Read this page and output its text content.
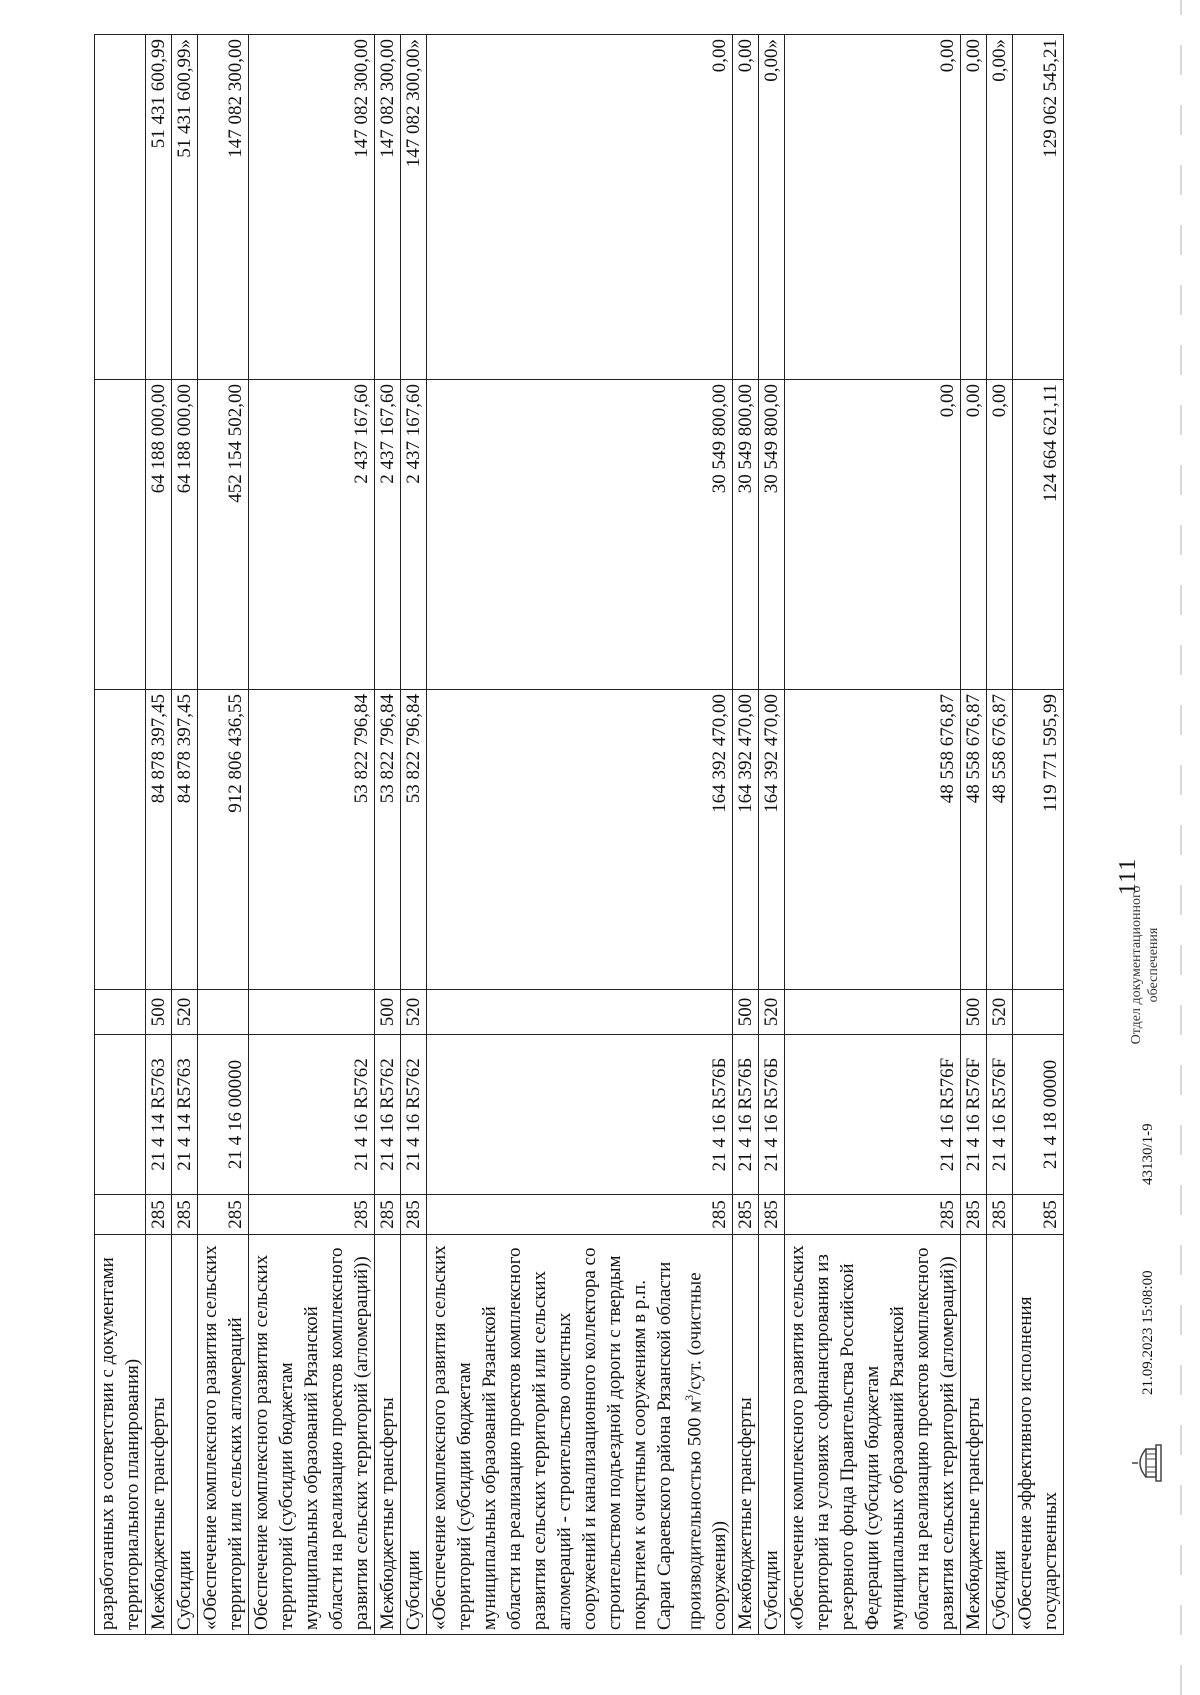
111
разработанных в соответствии с документами территориального планирования)						
Межбюджетные трансферты	285	21 4 14 R5763	500	84 878 397,45	64 188 000,00	51 431 600,99
Субсидии	285	21 4 14 R5763	520	84 878 397,45	64 188 000,00	51 431 600,99»
«Обеспечение комплексного развития сельских территорий или сельских агломераций	285	21 4 16 00000		912 806 436,55	452 154 502,00	147 082 300,00
Обеспечение комплексного развития сельских территорий (субсидии бюджетам муниципальных образований Рязанской области на реализацию проектов комплексного развития сельских территорий (агломераций))	285	21 4 16 R5762		53 822 796,84	2 437 167,60	147 082 300,00
Межбюджетные трансферты	285	21 4 16 R5762	500	53 822 796,84	2 437 167,60	147 082 300,00
Субсидии	285	21 4 16 R5762	520	53 822 796,84	2 437 167,60	147 082 300,00»
«Обеспечение комплексного развития сельских территорий (субсидии бюджетам муниципальных образований Рязанской области на реализацию проектов комплексного развития сельских территорий или сельских агломераций - строительство очистных сооружений и канализационного коллектора со строительством подъездной дороги с твердым покрытием к очистным сооружениям в р.п. Сараи Сараевского района Рязанской области производительностью 500 $м^3$/сут. (очистные сооружения))	285	21 4 16 R576Б		164 392 470,00	30 549 800,00	0,00
Межбюджетные трансферты	285	21 4 16 R576Б	500	164 392 470,00	30 549 800,00	0,00
Субсидии	285	21 4 16 R576Б	520	164 392 470,00	30 549 800,00	0,00»
«Обеспечение комплексного развития сельских территорий на условиях софинансирования из резервного фонда Правительства Российской Федерации (субсидии бюджетам муниципальных образований Рязанской области на реализацию проектов комплексного развития сельских территорий (агломераций))	285	21 4 16 R576F		48 558 676,87	0,00	0,00
Межбюджетные трансферты	285	21 4 16 R576F	500	48 558 676,87	0,00	0,00
Субсидии	285	21 4 16 R576F	520	48 558 676,87	0,00	0,00»
«Обеспечение эффективного исполнения государственных	285	21 4 18 00000		119 771 595,99	124 664 621,11	129 062 545,21
21.09.2023 15:08:00
43130/1-9
Отдел документационного обеспечения
